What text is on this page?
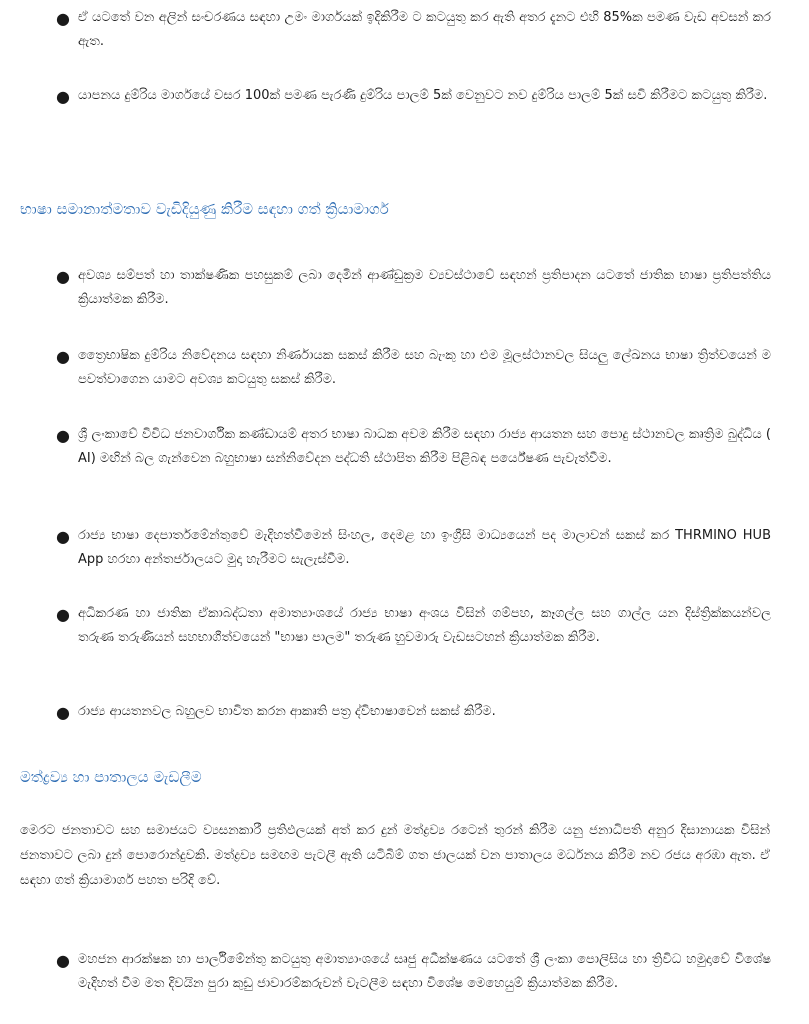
● ඒ යටතේ වන අලින් සංචරණය සඳහා උමං මාර්ගයක් ඉදිකිරීම ට කටයුතු කර ඇති අතර දැනට එහි 85%ක පමණ වැඩ අවසන් කර ඇත.
● යාපනය දුම්රිය මාර්ගයේ වසර 100ක් පමණ පැරණි දුම්රිය පාලම් 5ක් වෙනුවට නව දුම්රිය පාලම් 5ක් සවි කිරීමට කටයුතු කිරීම.
භාෂා සමානාත්මතාව වැඩිදියුණු කිරීම සඳහා ගත් ක්‍රියාමාර්ග
● අවශ්‍ය සම්පත් හා තාක්ෂණික පහසුකම් ලබා දෙමින් ආණ්ඩුක්‍රම ව්‍යවස්ථාවේ සඳහන් ප්‍රතිපාදන යටතේ ජාතික භාෂා ප්‍රතිපත්තිය ක්‍රියාත්මක කිරීම.
● ත්‍රෛභාෂික දුම්රිය නිවේදනය සඳහා නිර්ණායක සකස් කිරීම සහ බැංකු හා එම මූලස්ථානවල සියලු ලේඛනය භාෂා ත්‍රිත්වයෙන් ම පවත්වාගෙන යාමට අවශ්‍ය කටයුතු සකස් කිරීම.
● ශ්‍රී ලංකාවේ විවිධ ජනවාර්ගික කණ්ඩායම් අතර භාෂා බාධක අවම කිරීම සඳහා රාජ්‍ය ආයතන සහ පොදු ස්ථානවල කෘත්‍රිම බුද්ධිය ( AI) මඟින් බල ගැන්වෙන බහුභාෂා සන්නිවේදන පද්ධති ස්ථාපිත කිරීම පිළිබඳ පර්යේෂණ පැවැත්වීම.
● රාජ්‍ය භාෂා දෙපාර්තමේන්තුවේ මැදිහත්වීමෙන් සිංහල, දෙමළ හා ඉංග්‍රීසි මාධ්‍යයෙන් පද මාලාවන් සකස් කර THRMINO HUB App හරහා අන්තර්ජාලයට මුදා හැරීමට සැලැස්වීම.
● අධිකරණ හා ජාතික ඒකාබද්ධතා අමාත්‍යාංශයේ රාජ්‍ය භාෂා අංශය විසින් ගම්පහ, කෑගල්ල සහ ගාල්ල යන දිස්ත්‍රික්කයන්වල තරුණ තරුණියන් සහභාගීත්වයෙන් "භාෂා පාලම" තරුණ හුවමාරු වැඩසටහන් ක්‍රියාත්මක කිරීම.
● රාජ්‍ය ආයතනවල බහුලව භාවිත කරන ආකෘති පත්‍ර ද්විභාෂාවෙන් සකස් කිරීම.
මත්ද්‍රව්‍ය හා පාතාලය මැඩලීම

මෙරට ජනතාවට සහ සමාජයට ව්‍යසනකාරී ප්‍රතිඵලයක් අත් කර දුන් මත්ද්‍රව්‍ය රටෙන් තුරන් කිරීම යනු ජනාධිපති අනුර දිසානායක විසින් ජනතාවට ලබා දුන් පොරොන්දුවකි. මත්ද්‍රව්‍ය සමඟම පැටලී ඇති යටිබිම් ගත ජාලයක් වන පාතාලය මර්ධනය කිරීම නව රජය අරඹා ඇත. ඒ සඳහා ගත් ක්‍රියාමාර්ග පහත පරිදි වේ.

● මහජන ආරක්ෂක හා පාර්ලිමේන්තු කටයුතු අමාත්‍යාංශයේ සෘජු අධීක්ෂණය යටතේ ශ්‍රී ලංකා පොලිසිය හා ත්‍රිවිධ හමුදාවේ විශේෂ මැදිහත් වීම මත දිවයින පුරා කුඩු ජාවාරම්කරුවන් වැටලීම සඳහා විශේෂ මෙහෙයුම් ක්‍රියාත්මක කිරීම.
